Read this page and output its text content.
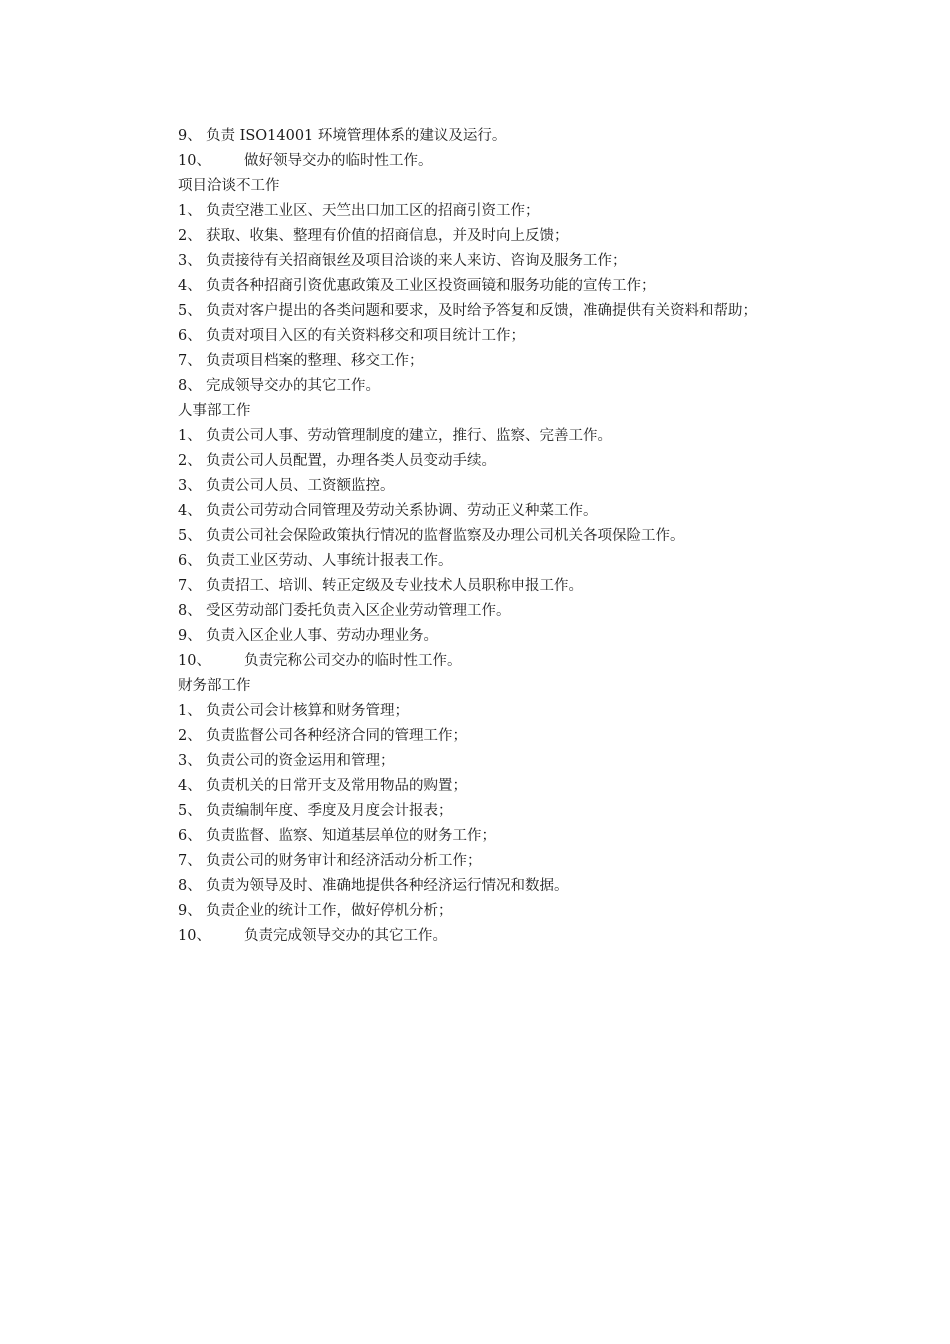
9、 负责 ISO14001 环境管理体系的建议及运行。
10、	做好领导交办的临时性工作。
项目洽谈不工作
1、 负责空港工业区、天竺出口加工区的招商引资工作；
2、 获取、收集、整理有价值的招商信息，并及时向上反馈；
3、 负责接待有关招商银丝及项目洽谈的来人来访、咨询及服务工作；
4、 负责各种招商引资优惠政策及工业区投资画镜和服务功能的宣传工作；
5、 负责对客户提出的各类问题和要求，及时给予答复和反馈，准确提供有关资料和帮助；
6、 负责对项目入区的有关资料移交和项目统计工作；
7、 负责项目档案的整理、移交工作；
8、 完成领导交办的其它工作。
人事部工作
1、 负责公司人事、劳动管理制度的建立，推行、监察、完善工作。
2、 负责公司人员配置，办理各类人员变动手续。
3、 负责公司人员、工资额监控。
4、 负责公司劳动合同管理及劳动关系协调、劳动正义种菜工作。
5、 负责公司社会保险政策执行情况的监督监察及办理公司机关各项保险工作。
6、 负责工业区劳动、人事统计报表工作。
7、 负责招工、培训、转正定级及专业技术人员职称申报工作。
8、 受区劳动部门委托负责入区企业劳动管理工作。
9、 负责入区企业人事、劳动办理业务。
10、	负责完称公司交办的临时性工作。
财务部工作
1、 负责公司会计核算和财务管理；
2、 负责监督公司各种经济合同的管理工作；
3、 负责公司的资金运用和管理；
4、 负责机关的日常开支及常用物品的购置；
5、 负责编制年度、季度及月度会计报表；
6、 负责监督、监察、知道基层单位的财务工作；
7、 负责公司的财务审计和经济活动分析工作；
8、 负责为领导及时、准确地提供各种经济运行情况和数据。
9、 负责企业的统计工作，做好停机分析；
10、	负责完成领导交办的其它工作。
